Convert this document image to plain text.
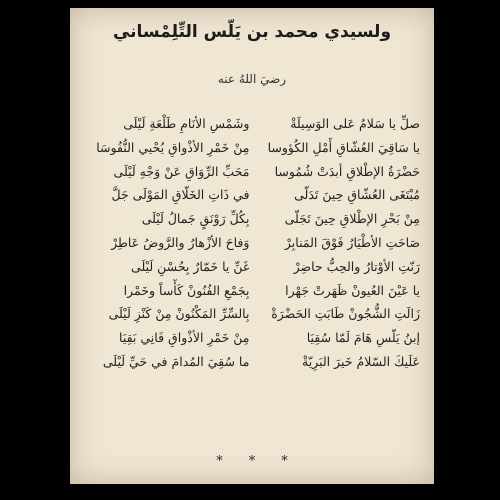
ولسيدي محمد بن يَلّس التِّلِمْساني
رضيَ اللهُ عنه
صلِّ يا سَلامُ عَلى الوَسِيلَةْ
وشَمْسِ الأنَامِ طَلْعَةِ لَيْلَى
يا سَاقِيَ العُشّاقِ أَمْلِ الكُؤوسا
مِنْ خَمْرِ الأذْواقِ يُحْيي النُّفُوسَا
حَضْرَةُ الإطْلاقِ أبدَتْ شُمُوسا
مَحَبِّ الرِّوَاقِ عَنْ وَجْهِ لَيْلَى
مُبْتَغَى العُشّاقِ حِينَ تَدَلّى
في ذَاتِ الخَلّاقِ المَوْلَى جَلَّ
مِنْ بَحْرِ الإطْلاقِ حِينَ تَجَلّى
بِكُلِّ رَوْنَقٍ جَمالُ لَيْلَى
صَاحَتِ الأطْيَارُ فَوْقَ المَنابِرْ
وَفاحَ الأزْهارُ والرَّوضُ عَاطِرْ
رَنّتِ الأوْتارُ والحِبُّ حاضِرْ
غَنِّ يا خَمّارُ بِحُسْنِ لَيْلَى
يا عَيْنَ العُيونْ ظَهَرتْ جَهْرا
بِجَمْعِ الفُنُونْ كَأْساً وخَمْرا
زَالَتِ الشُّجُونْ طَابَتِ الحَضْرَةْ
بِالسِّرِّ المَكْنُونْ مِنْ كَنْزِ لَيْلَى
إبنُ يَلّسِ هَامَ لَمّا سُقِيَا
مِنْ خَمْرِ الأذْواقِ فَانِي بَقِيَا
عَلَيكَ السّلامُ خَيرَ البَرِيّةْ
ما سُقِيَ المُدامَ في حَيِّ لَيْلَى
*
*
*
